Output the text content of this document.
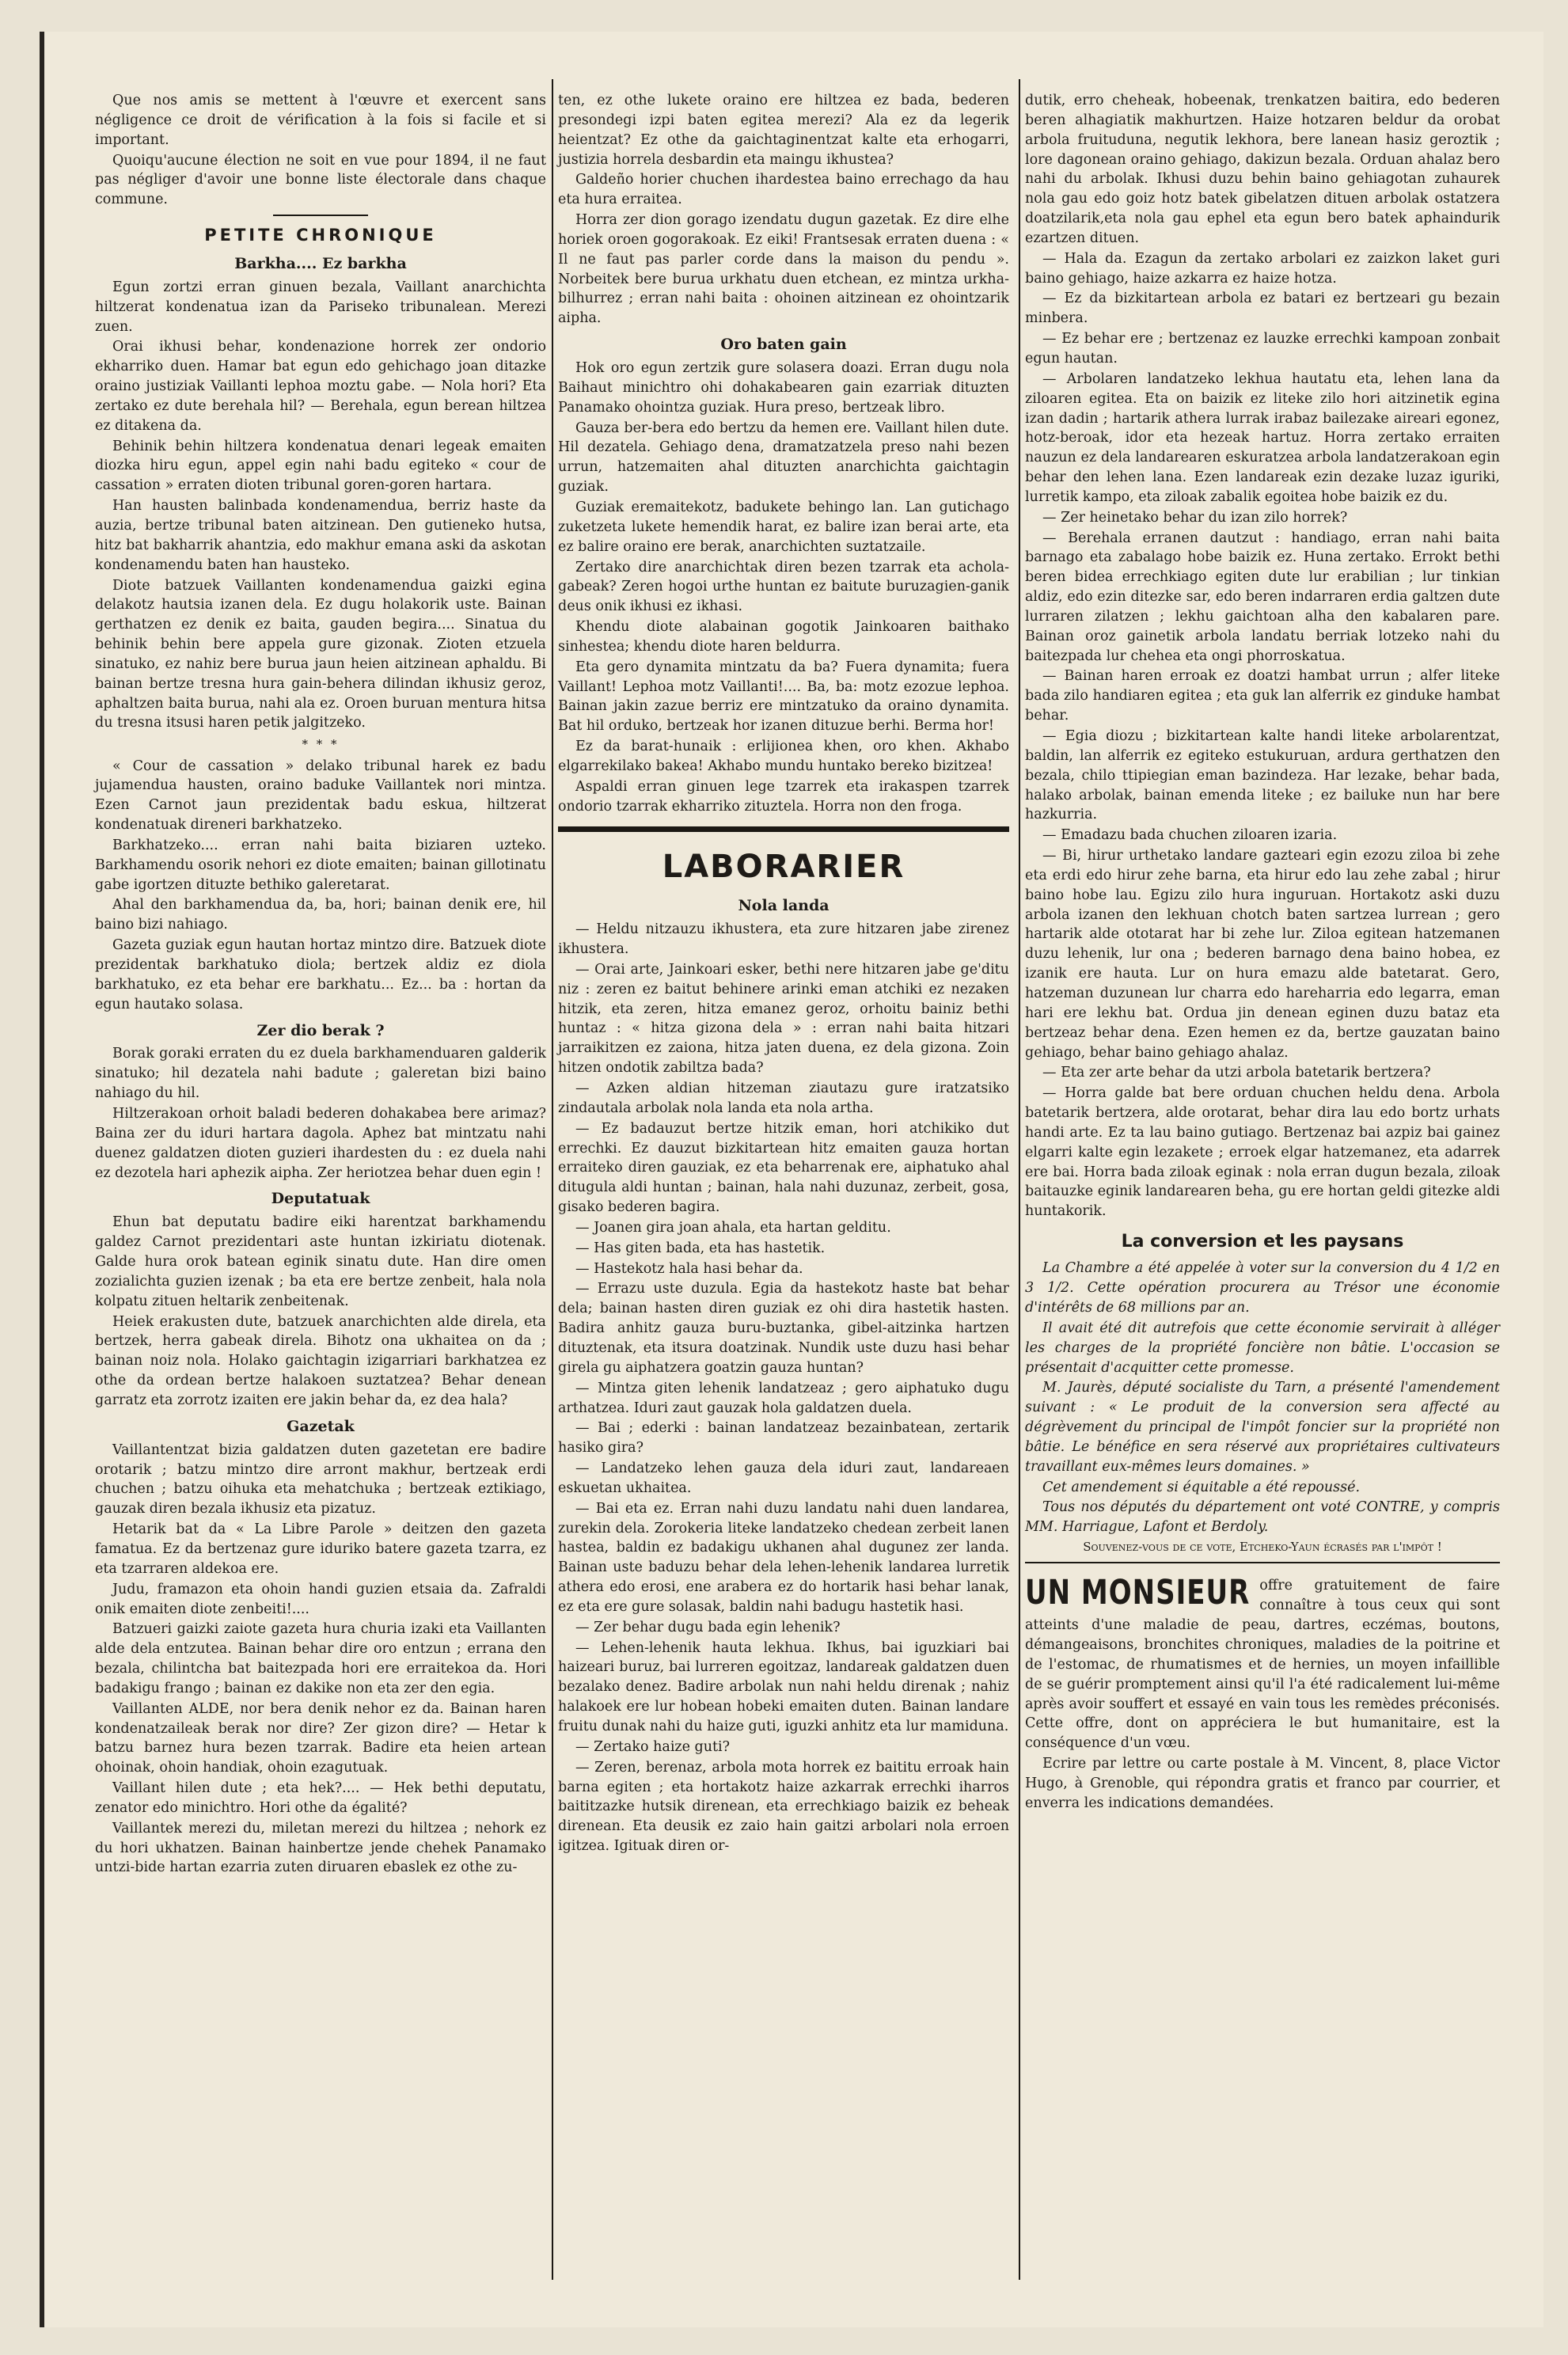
Que nos amis se mettent à l'œuvre et exercent sans négligence ce droit de vérification à la fois si facile et si important.

Quoiqu'aucune élection ne soit en vue pour 1894, il ne faut pas négliger d'avoir une bonne liste électorale dans chaque commune.

PETITE CHRONIQUE
Barkha.... Ez barkha

Egun zortzi erran ginuen bezala, Vaillant anarchichta hiltzerat kondenatua izan da Pariseko tribunalean. Merezi zuen.

Orai ikhusi behar, kondenazione horrek zer ondorio ekharriko duen. Hamar bat egun edo gehichago joan ditazke oraino justiziak Vaillanti lephoa moztu gabe. — Nola hori? Eta zertako ez dute berehala hil? — Berehala, egun berean hiltzea ez ditakena da.

Behinik behin hiltzera kondenatua denari legeak emaiten diozka hiru egun, appel egin nahi badu egiteko « cour de cassation » erraten dioten tribunal goren-goren hartara.

Han hausten balinbada kondenamendua, berriz haste da auzia, bertze tribunal baten aitzinean. Den gutieneko hutsa, hitz bat bakharrik ahantzia, edo makhur emana aski da askotan kondenamendu baten han hausteko.

Diote batzuek Vaillanten kondenamendua gaizki egina delakotz hautsia izanen dela. Ez dugu holakorik uste. Bainan gerthatzen ez denik ez baita, gauden begira.... Sinatua du behinik behin bere appela gure gizonak. Zioten etzuela sinatuko, ez nahiz bere burua jaun heien aitzinean aphaldu. Bi bainan bertze tresna hura gain-behera dilindan ikhusiz geroz, aphaltzen baita burua, nahi ala ez. Oroen buruan mentura hitsa du tresna itsusi haren petik jalgitzeko.

* * *

« Cour de cassation » delako tribunal harek ez badu jujamendua hausten, oraino baduke Vaillantek nori mintza. Ezen Carnot jaun prezidentak badu eskua, hiltzerat kondenatuak direneri barkhatzeko.

Barkhatzeko.... erran nahi baita biziaren uzteko. Barkhamendu osorik nehori ez diote emaiten; bainan gillotinatu gabe igortzen dituzte bethiko galeretarat.

Ahal den barkhamendua da, ba, hori; bainan denik ere, hil baino bizi nahiago.

Gazeta guziak egun hautan hortaz mintzo dire. Batzuek diote prezidentak barkhatuko diola; bertzek aldiz ez diola barkhatuko, ez eta behar ere barkhatu... Ez... ba : hortan da egun hautako solasa.

Zer dio berak ?

Borak goraki erraten du ez duela barkhamenduaren galderik sinatuko; hil dezatela nahi badute ; galeretan bizi baino nahiago du hil.

Hiltzerakoan orhoit baladi bederen dohakabea bere arimaz? Baina zer du iduri hartara dagola. Aphez bat mintzatu nahi duenez galdatzen dioten guzieri ihardesten du : ez duela nahi ez dezotela hari aphezik aipha. Zer heriotzea behar duen egin !

Deputatuak

Ehun bat deputatu badire eiki harentzat barkhamendu galdez Carnot prezidentari aste huntan izkiriatu diotenak. Galde hura orok batean eginik sinatu dute. Han dire omen zozialichta guzien izenak ; ba eta ere bertze zenbeit, hala nola kolpatu zituen heltarik zenbeitenak.

Heiek erakusten dute, batzuek anarchichten alde direla, eta bertzek, herra gabeak direla. Bihotz ona ukhaitea on da ; bainan noiz nola. Holako gaichtagin izigarriari barkhatzea ez othe da ordean bertze halakoen suztatzea? Behar denean garratz eta zorrotz izaiten ere jakin behar da, ez dea hala?

Gazetak

Vaillantentzat bizia galdatzen duten gazetetan ere badire orotarik ; batzu mintzo dire arront makhur, bertzeak erdi chuchen ; batzu oihuka eta mehatchuka ; bertzeak eztikiago, gauzak diren bezala ikhusiz eta pizatuz.

Hetarik bat da « La Libre Parole » deitzen den gazeta famatua. Ez da bertzenaz gure iduriko batere gazeta tzarra, ez eta tzarraren aldekoa ere.

Judu, framazon eta ohoin handi guzien etsaia da. Zafraldi onik emaiten diote zenbeiti!....

Batzueri gaizki zaiote gazeta hura churia izaki eta Vaillanten alde dela entzutea. Bainan behar dire oro entzun ; errana den bezala, chilintcha bat baitezpada hori ere erraitekoa da. Hori badakigu frango ; bainan ez dakike non eta zer den egia.

Vaillanten ALDE, nor bera denik nehor ez da. Bainan haren kondenatzaileak berak nor dire? Zer gizon dire? — Hetar k batzu barnez hura bezen tzarrak. Badire eta heien artean ohoinak, ohoin handiak, ohoin ezagutuak.

Vaillant hilen dute ; eta hek?.... — Hek bethi deputatu, zenator edo minichtro. Hori othe da égalité?

Vaillantek merezi du, miletan merezi du hiltzea ; nehork ez du hori ukhatzen. Bainan hainbertze jende chehek Panamako untzi-bide hartan ezarria zuten diruaren ebaslek ez othe zu-

ten, ez othe lukete oraino ere hiltzea ez bada, bederen presondegi izpi baten egitea merezi? Ala ez da legerik heientzat? Ez othe da gaichtaginentzat kalte eta erhogarri, justizia horrela desbardin eta maingu ikhustea?

Galdeño horier chuchen ihardestea baino errechago da hau eta hura erraitea.

Horra zer dion gorago izendatu dugun gazetak. Ez dire elhe horiek oroen gogorakoak. Ez eiki! Frantsesak erraten duena : « Il ne faut pas parler corde dans la maison du pendu ». Norbeitek bere burua urkhatu duen etchean, ez mintza urkha-bilhurrez ; erran nahi baita : ohoinen aitzinean ez ohointzarik aipha.

Oro baten gain

Hok oro egun zertzik gure solasera doazi. Erran dugu nola Baihaut minichtro ohi dohakabearen gain ezarriak dituzten Panamako ohointza guziak. Hura preso, bertzeak libro.

Gauza ber-bera edo bertzu da hemen ere. Vaillant hilen dute. Hil dezatela. Gehiago dena, dramatzatzela preso nahi bezen urrun, hatzemaiten ahal dituzten anarchichta gaichtagin guziak.

Guziak eremaitekotz, badukete behingo lan. Lan gutichago zuketzeta lukete hemendik harat, ez balire izan berai arte, eta ez balire oraino ere berak, anarchichten suztatzaile.

Zertako dire anarchichtak diren bezen tzarrak eta achola-gabeak? Zeren hogoi urthe huntan ez baitute buruzagien-ganik deus onik ikhusi ez ikhasi.

Khendu diote alabainan gogotik Jainkoaren baithako sinhestea; khendu diote haren beldurra.

Eta gero dynamita mintzatu da ba? Fuera dynamita; fuera Vaillant! Lephoa motz Vaillanti!.... Ba, ba: motz ezozue lephoa. Bainan jakin zazue berriz ere mintzatuko da oraino dynamita. Bat hil orduko, bertzeak hor izanen dituzue berhi. Berma hor!

Ez da barat-hunaik : erlijionea khen, oro khen. Akhabo elgarrekilako bakea! Akhabo mundu huntako bereko bizitzea!

Aspaldi erran ginuen lege tzarrek eta irakaspen tzarrek ondorio tzarrak ekharriko zituztela. Horra non den froga.

LABORARIER
Nola landa

— Heldu nitzauzu ikhustera, eta zure hitzaren jabe zirenez ikhustera.

— Orai arte, Jainkoari esker, bethi nere hitzaren jabe ge'ditu niz : zeren ez baitut behinere arinki eman atchiki ez nezaken hitzik, eta zeren, hitza emanez geroz, orhoitu bainiz bethi huntaz : « hitza gizona dela » : erran nahi baita hitzari jarraikitzen ez zaiona, hitza jaten duena, ez dela gizona. Zoin hitzen ondotik zabiltza bada?

— Azken aldian hitzeman ziautazu gure iratzatsiko zindautala arbolak nola landa eta nola artha.

— Ez badauzut bertze hitzik eman, hori atchikiko dut errechki. Ez dauzut bizkitartean hitz emaiten gauza hortan erraiteko diren gauziak, ez eta beharrenak ere, aiphatuko ahal ditugula aldi huntan ; bainan, hala nahi duzunaz, zerbeit, gosa, gisako bederen bagira.

— Joanen gira joan ahala, eta hartan gelditu.

— Has giten bada, eta has hastetik.

— Hastekotz hala hasi behar da.

— Errazu uste duzula. Egia da hastekotz haste bat behar dela; bainan hasten diren guziak ez ohi dira hastetik hasten. Badira anhitz gauza buru-buztanka, gibel-aitzinka hartzen dituztenak, eta itsura doatzinak. Nundik uste duzu hasi behar girela gu aiphatzera goatzin gauza huntan?

— Mintza giten lehenik landatzeaz ; gero aiphatuko dugu arthatzea. Iduri zaut gauzak hola galdatzen duela.

— Bai ; ederki : bainan landatzeaz bezainbatean, zertarik hasiko gira?

— Landatzeko lehen gauza dela iduri zaut, landareaen eskuetan ukhaitea.

— Bai eta ez. Erran nahi duzu landatu nahi duen landarea, zurekin dela. Zorokeria liteke landatzeko chedean zerbeit lanen hastea, baldin ez badakigu ukhanen ahal dugunez zer landa. Bainan uste baduzu behar dela lehen-lehenik landarea lurretik athera edo erosi, ene arabera ez do hortarik hasi behar lanak, ez eta ere gure solasak, baldin nahi badugu hastetik hasi.

— Zer behar dugu bada egin lehenik?

— Lehen-lehenik hauta lekhua. Ikhus, bai iguzkiari bai haizeari buruz, bai lurreren egoitzaz, landareak galdatzen duen bezalako denez. Badire arbolak nun nahi heldu direnak ; nahiz halakoek ere lur hobean hobeki emaiten duten. Bainan landare fruitu dunak nahi du haize guti, iguzki anhitz eta lur mamiduna.

— Zertako haize guti?

— Zeren, berenaz, arbola mota horrek ez baititu erroak hain barna egiten ; eta hortakotz haize azkarrak errechki iharros baititzazke hutsik direnean, eta errechkiago baizik ez beheak direnean. Eta deusik ez zaio hain gaitzi arbolari nola erroen igitzea. Igituak diren or-

dutik, erro cheheak, hobeenak, trenkatzen baitira, edo bederen beren alhagiatik makhurtzen. Haize hotzaren beldur da orobat arbola fruituduna, negutik lekhora, bere lanean hasiz geroztik ; lore dagonean oraino gehiago, dakizun bezala. Orduan ahalaz bero nahi du arbolak. Ikhusi duzu behin baino gehiagotan zuhaurek nola gau edo goiz hotz batek gibelatzen dituen arbolak ostatzera doatzilarik,eta nola gau ephel eta egun bero batek aphaindurik ezartzen dituen.

— Hala da. Ezagun da zertako arbolari ez zaizkon laket guri baino gehiago, haize azkarra ez haize hotza.

— Ez da bizkitartean arbola ez batari ez bertzeari gu bezain minbera.

— Ez behar ere ; bertzenaz ez lauzke errechki kampoan zonbait egun hautan.

— Arbolaren landatzeko lekhua hautatu eta, lehen lana da ziloaren egitea. Eta on baizik ez liteke zilo hori aitzinetik egina izan dadin ; hartarik athera lurrak irabaz bailezake aireari egonez, hotz-beroak, idor eta hezeak hartuz. Horra zertako erraiten nauzun ez dela landarearen eskuratzea arbola landatzerakoan egin behar den lehen lana. Ezen landareak ezin dezake luzaz iguriki, lurretik kampo, eta ziloak zabalik egoitea hobe baizik ez du.

— Zer heinetako behar du izan zilo horrek?

— Berehala erranen dautzut : handiago, erran nahi baita barnago eta zabalago hobe baizik ez. Huna zertako. Errokt bethi beren bidea errechkiago egiten dute lur erabilian ; lur tinkian aldiz, edo ezin ditezke sar, edo beren indarraren erdia galtzen dute lurraren zilatzen ; lekhu gaichtoan alha den kabalaren pare. Bainan oroz gainetik arbola landatu berriak lotzeko nahi du baitezpada lur chehea eta ongi phorroskatua.

— Bainan haren erroak ez doatzi hambat urrun ; alfer liteke bada zilo handiaren egitea ; eta guk lan alferrik ez ginduke hambat behar.

— Egia diozu ; bizkitartean kalte handi liteke arbolarentzat, baldin, lan alferrik ez egiteko estukuruan, ardura gerthatzen den bezala, chilo ttipiegian eman bazindeza. Har lezake, behar bada, halako arbolak, bainan emenda liteke ; ez bailuke nun har bere hazkurria.

— Emadazu bada chuchen ziloaren izaria.

— Bi, hirur urthetako landare gazteari egin ezozu ziloa bi zehe eta erdi edo hirur zehe barna, eta hirur edo lau zehe zabal ; hirur baino hobe lau. Egizu zilo hura inguruan. Hortakotz aski duzu arbola izanen den lekhuan chotch baten sartzea lurrean ; gero hartarik alde ototarat har bi zehe lur. Ziloa egitean hatzemanen duzu lehenik, lur ona ; bederen barnago dena baino hobea, ez izanik ere hauta. Lur on hura emazu alde batetarat. Gero, hatzeman duzunean lur charra edo hareharria edo legarra, eman hari ere lekhu bat. Ordua jin denean eginen duzu bataz eta bertzeaz behar dena. Ezen hemen ez da, bertze gauzatan baino gehiago, behar baino gehiago ahalaz.

— Eta zer arte behar da utzi arbola batetarik bertzera?

— Horra galde bat bere orduan chuchen heldu dena. Arbola batetarik bertzera, alde orotarat, behar dira lau edo bortz urhats handi arte. Ez ta lau baino gutiago. Bertzenaz bai azpiz bai gainez elgarri kalte egin lezakete ; erroek elgar hatzemanez, eta adarrek ere bai. Horra bada ziloak eginak : nola erran dugun bezala, ziloak baitauzke eginik landarearen beha, gu ere hortan geldi gitezke aldi huntakorik.

La conversion et les paysans

La Chambre a été appelée à voter sur la conversion du 4 1/2 en 3 1/2. Cette opération procurera au Trésor une économie d'intérêts de 68 millions par an.

Il avait été dit autrefois que cette économie servirait à alléger les charges de la propriété foncière non bâtie. L'occasion se présentait d'acquitter cette promesse.

M. Jaurès, député socialiste du Tarn, a présenté l'amendement suivant : « Le produit de la conversion sera affecté au dégrèvement du principal de l'impôt foncier sur la propriété non bâtie. Le bénéfice en sera réservé aux propriétaires cultivateurs travaillant eux-mêmes leurs domaines. »

Cet amendement si équitable a été repoussé.

Tous nos députés du département ont voté CONTRE, y compris MM. Harriague, Lafont et Berdoly.

Souvenez-vous de ce vote, Etcheko-Yaun écrasés par l'impôt !
UN MONSIEUR offre gratuitement de faire connaître à tous ceux qui sont atteints d'une maladie de peau, dartres, eczémas, boutons, démangeaisons, bronchites chroniques, maladies de la poitrine et de l'estomac, de rhumatismes et de hernies, un moyen infaillible de se guérir promptement ainsi qu'il l'a été radicalement lui-même après avoir souffert et essayé en vain tous les remèdes préconisés. Cette offre, dont on appréciera le but humanitaire, est la conséquence d'un vœu.

Ecrire par lettre ou carte postale à M. Vincent, 8, place Victor Hugo, à Grenoble, qui répondra gratis et franco par courrier, et enverra les indications demandées.
